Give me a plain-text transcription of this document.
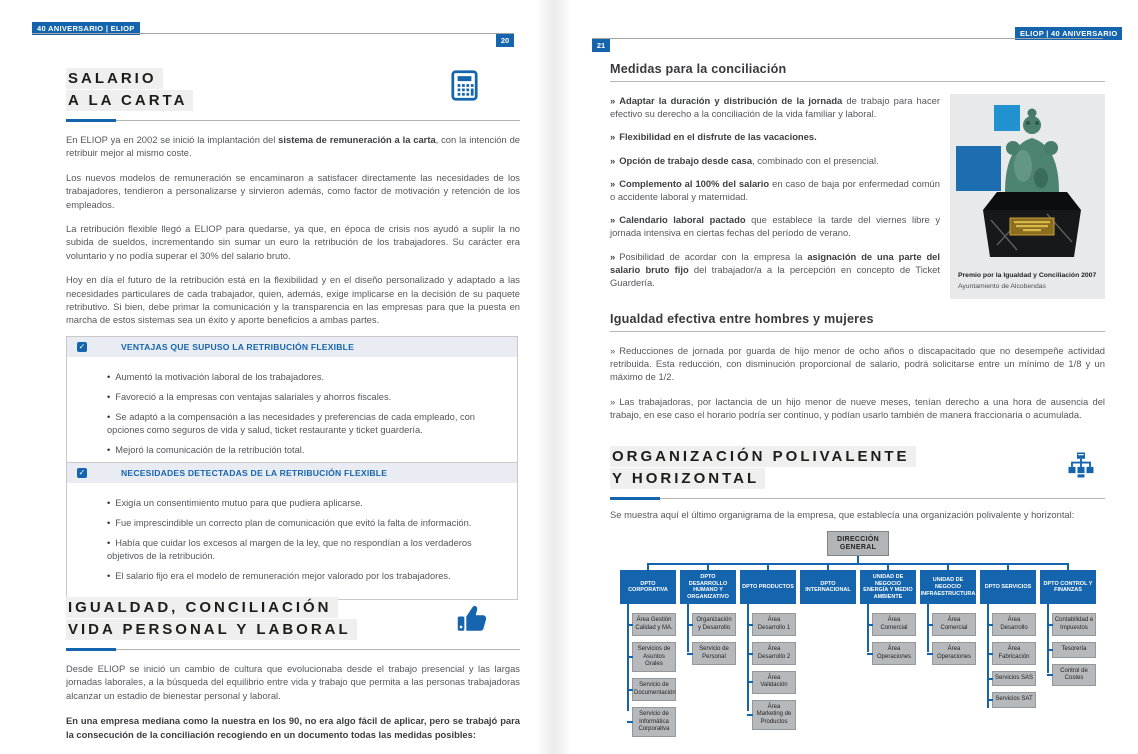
40 ANIVERSARIO | ELIOP
20
ELIOP | 40 ANIVERSARIO
21
SALARIO
A LA CARTA
En ELIOP ya en 2002 se inició la implantación del sistema de remuneración a la carta, con la intención de retribuir mejor al mismo coste.
Los nuevos modelos de remuneración se encaminaron a satisfacer directamente las necesidades de los trabajadores, tendieron a personalizarse y sirvieron además, como factor de motivación y retención de los empleados.
La retribución flexible llegó a ELIOP para quedarse, ya que, en época de crisis nos ayudó a suplir la no subida de sueldos, incrementando sin sumar un euro la retribución de los trabajadores. Su carácter era voluntario y no podía superar el 30% del salario bruto.
Hoy en día el futuro de la retribución está en la flexibilidad y en el diseño personalizado y adaptado a las necesidades particulares de cada trabajador, quien, además, exige implicarse en la decisión de su paquete retributivo. Si bien, debe primar la comunicación y la transparencia en las empresas para que la puesta en marcha de estos sistemas sea un éxito y aporte beneficios a ambas partes.
✓	VENTAJAS QUE SUPUSO LA RETRIBUCIÓN FLEXIBLE
• Aumentó la motivación laboral de los trabajadores.
• Favoreció a la empresas con ventajas salariales y ahorros fiscales.
• Se adaptó a la compensación a las necesidades y preferencias de cada empleado, con opciones como seguros de vida y salud, ticket restaurante y ticket guardería.
• Mejoró la comunicación de la retribución total.
✓	NECESIDADES DETECTADAS DE LA RETRIBUCIÓN FLEXIBLE
• Exigía un consentimiento mutuo para que pudiera aplicarse.
• Fue imprescindible un correcto plan de comunicación que evitó la falta de información.
• Había que cuidar los excesos al margen de la ley, que no respondían a los verdaderos objetivos de la retribución.
• El salario fijo era el modelo de remuneración mejor valorado por los trabajadores.
IGUALDAD, CONCILIACIÓN
VIDA PERSONAL Y LABORAL
Desde ELIOP se inició un cambio de cultura que evolucionaba desde el trabajo presencial y las largas jornadas laborales, a la búsqueda del equilibrio entre vida y trabajo que permita a las personas trabajadoras alcanzar un estadio de bienestar personal y laboral.
En una empresa mediana como la nuestra en los 90, no era algo fácil de aplicar, pero se trabajó para la consecución de la conciliación recogiendo en un documento todas las medidas posibles:
Medidas para la conciliación
» Adaptar la duración y distribución de la jornada de trabajo para hacer efectivo su derecho a la conciliación de la vida familiar y laboral.
» Flexibilidad en el disfrute de las vacaciones.
» Opción de trabajo desde casa, combinado con el presencial.
» Complemento al 100% del salario en caso de baja por enfermedad común o accidente laboral y maternidad.
» Calendario laboral pactado que establece la tarde del viernes libre y jornada intensiva en ciertas fechas del período de verano.
» Posibilidad de acordar con la empresa la asignación de una parte del salario bruto fijo del trabajador/a a la percepción en concepto de Ticket Guardería.
Premio por la Igualdad y Conciliación 2007
Ayuntamiento de Alcobendas
Igualdad efectiva entre hombres y mujeres
» Reducciones de jornada por guarda de hijo menor de ocho años o discapacitado que no desempeñe actividad retribuida. Esta reducción, con disminución proporcional de salario, podrá solicitarse entre un mínimo de 1/8 y un máximo de 1/2.
» Las trabajadoras, por lactancia de un hijo menor de nueve meses, tenían derecho a una hora de ausencia del trabajo, en ese caso el horario podría ser continuo, y podían usarlo también de manera fraccionaria o acumulada.
ORGANIZACIÓN POLIVALENTE
Y HORIZONTAL
Se muestra aquí el último organigrama de la empresa, que establecía una organización polivalente y horizontal:
DIRECCIÓN GENERAL
DPTO CORPORATIVA
Área Gestión Calidad y MA.
Servicios de Asuntos Grales
Servicio de Documentación
Servicio de Informática Corporativa
DPTO DESARROLLO HUMANO Y ORGANIZATIVO
Organización y Desarrollo
Servicio de Personal
DPTO PRODUCTOS
Área Desarrollo 1
Área Desarrollo 2
Área Validación
Área Marketing de Productos
DPTO INTERNACIONAL
UNIDAD DE NEGOCIO ENERGÍA Y MEDIO AMBIENTE
Área Comercial
Área Operaciones
UNIDAD DE NEGOCIO INFRAESTRUCTURA
Área Comercial
Área Operaciones
DPTO SERVICIOS
Área Desarrollo
Área Fabricación
Servicios SAS
Servicios SAT
DPTO CONTROL Y FINANZAS
Contabilidad e Impuestos
Tesorería
Control de Costes
